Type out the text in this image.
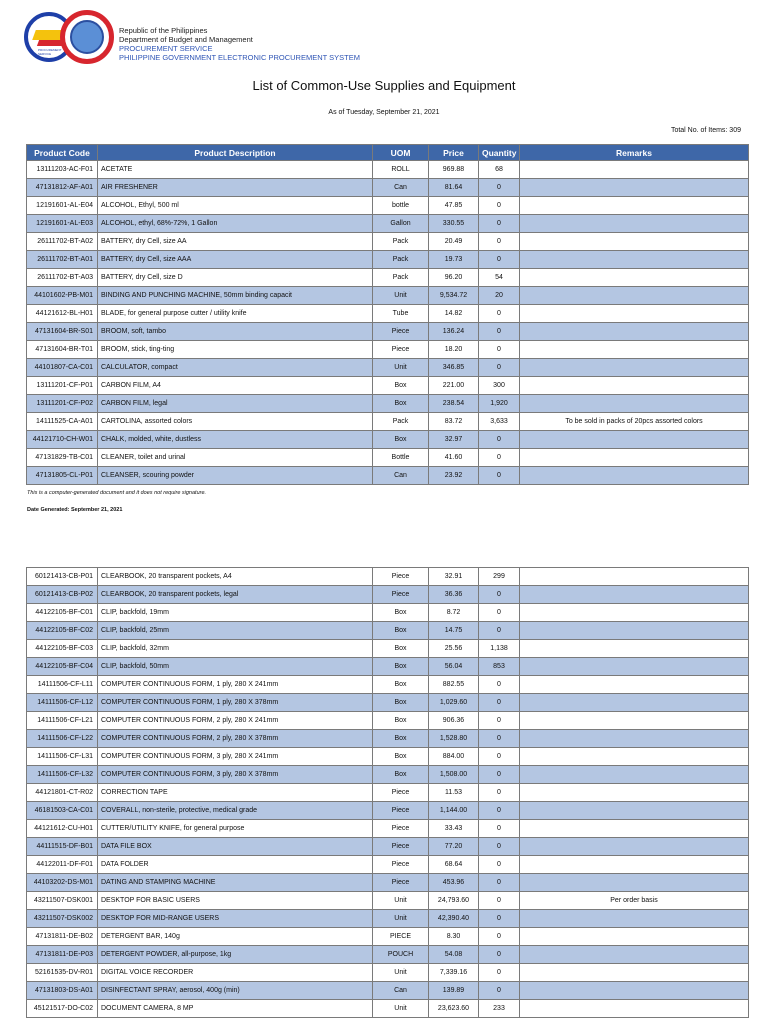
PROCUREMENT SERVICE
Republic of the Philippines
Department of Budget and Management
PROCUREMENT SERVICE
PHILIPPINE GOVERNMENT ELECTRONIC PROCUREMENT SYSTEM
List of Common-Use Supplies and Equipment
As of Tuesday, September 21, 2021
Total No. of Items: 309
Product Code	Product Description	UOM	Price	Quantity	Remarks
13111203-AC-F01	ACETATE	ROLL	969.88	68	
47131812-AF-A01	AIR FRESHENER	Can	81.64	0	
12191601-AL-E04	ALCOHOL, Ethyl, 500 ml	bottle	47.85	0	
12191601-AL-E03	ALCOHOL, ethyl, 68%-72%, 1 Gallon	Gallon	330.55	0	
26111702-BT-A02	BATTERY, dry Cell, size AA	Pack	20.49	0	
26111702-BT-A01	BATTERY, dry Cell, size AAA	Pack	19.73	0	
26111702-BT-A03	BATTERY, dry Cell, size D	Pack	96.20	54	
44101602-PB-M01	BINDING AND PUNCHING MACHINE, 50mm binding capacit	Unit	9,534.72	20	
44121612-BL-H01	BLADE, for general purpose cutter / utility knife	Tube	14.82	0	
47131604-BR-S01	BROOM, soft, tambo	Piece	136.24	0	
47131604-BR-T01	BROOM, stick, ting-ting	Piece	18.20	0	
44101807-CA-C01	CALCULATOR, compact	Unit	346.85	0	
13111201-CF-P01	CARBON FILM, A4	Box	221.00	300	
13111201-CF-P02	CARBON FILM, legal	Box	238.54	1,920	
14111525-CA-A01	CARTOLINA, assorted colors	Pack	83.72	3,633	To be sold in packs of 20pcs assorted colors
44121710-CH-W01	CHALK, molded, white, dustless	Box	32.97	0	
47131829-TB-C01	CLEANER, toilet and urinal	Bottle	41.60	0	
47131805-CL-P01	CLEANSER, scouring powder	Can	23.92	0	
This is a computer-generated document and it does not require signature.
Date Generated: September 21, 2021
60121413-CB-P01	CLEARBOOK, 20 transparent pockets, A4	Piece	32.91	299	
60121413-CB-P02	CLEARBOOK, 20 transparent pockets, legal	Piece	36.36	0	
44122105-BF-C01	CLIP, backfold, 19mm	Box	8.72	0	
44122105-BF-C02	CLIP, backfold, 25mm	Box	14.75	0	
44122105-BF-C03	CLIP, backfold, 32mm	Box	25.56	1,138	
44122105-BF-C04	CLIP, backfold, 50mm	Box	56.04	853	
14111506-CF-L11	COMPUTER CONTINUOUS FORM, 1 ply, 280 X 241mm	Box	882.55	0	
14111506-CF-L12	COMPUTER CONTINUOUS FORM, 1 ply, 280 X 378mm	Box	1,029.60	0	
14111506-CF-L21	COMPUTER CONTINUOUS FORM, 2 ply, 280 X 241mm	Box	906.36	0	
14111506-CF-L22	COMPUTER CONTINUOUS FORM, 2 ply, 280 X 378mm	Box	1,528.80	0	
14111506-CF-L31	COMPUTER CONTINUOUS FORM, 3 ply, 280 X 241mm	Box	884.00	0	
14111506-CF-L32	COMPUTER CONTINUOUS FORM, 3 ply, 280 X 378mm	Box	1,508.00	0	
44121801-CT-R02	CORRECTION TAPE	Piece	11.53	0	
46181503-CA-C01	COVERALL, non-sterile, protective, medical grade	Piece	1,144.00	0	
44121612-CU-H01	CUTTER/UTILITY KNIFE, for general purpose	Piece	33.43	0	
44111515-DF-B01	DATA FILE BOX	Piece	77.20	0	
44122011-DF-F01	DATA FOLDER	Piece	68.64	0	
44103202-DS-M01	DATING AND STAMPING MACHINE	Piece	453.96	0	
43211507-DSK001	DESKTOP FOR BASIC USERS	Unit	24,793.60	0	Per order basis
43211507-DSK002	DESKTOP FOR MID-RANGE USERS	Unit	42,390.40	0	
47131811-DE-B02	DETERGENT BAR, 140g	PIECE	8.30	0	
47131811-DE-P03	DETERGENT POWDER, all-purpose, 1kg	POUCH	54.08	0	
52161535-DV-R01	DIGITAL VOICE RECORDER	Unit	7,339.16	0	
47131803-DS-A01	DISINFECTANT SPRAY, aerosol, 400g (min)	Can	139.89	0	
45121517-DO-C02	DOCUMENT CAMERA, 8 MP	Unit	23,623.60	233	
